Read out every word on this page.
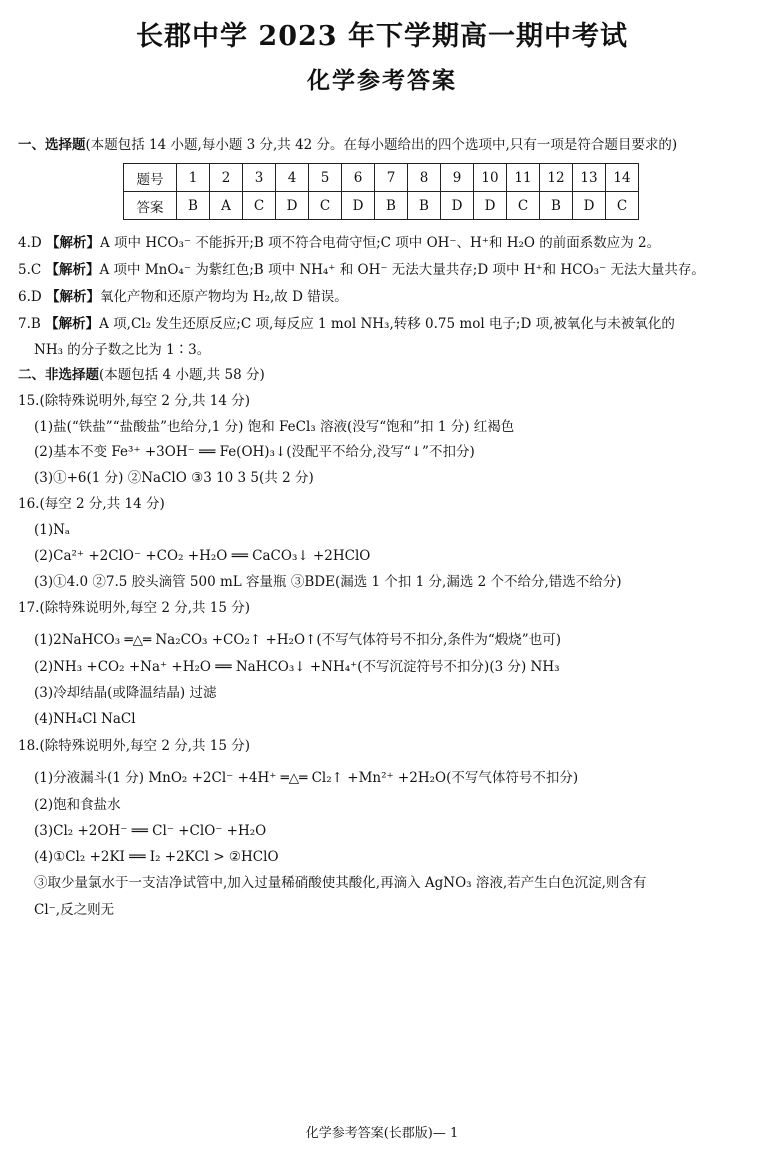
长郡中学 2023 年下学期高一期中考试
化学参考答案
一、选择题(本题包括 14 小题,每小题 3 分,共 42 分。在每小题给出的四个选项中,只有一项是符合题目要求的)
题号	1	2	3	4	5	6	7	8	9	10	11	12	13	14
答案	B	A	C	D	C	D	B	B	D	D	C	B	D	C
4.D 【解析】A 项中 HCO₃⁻ 不能拆开;B 项不符合电荷守恒;C 项中 OH⁻、H⁺和 H₂O 的前面系数应为 2。
5.C 【解析】A 项中 MnO₄⁻ 为紫红色;B 项中 NH₄⁺ 和 OH⁻ 无法大量共存;D 项中 H⁺和 HCO₃⁻ 无法大量共存。
6.D 【解析】氧化产物和还原产物均为 H₂,故 D 错误。
7.B 【解析】A 项,Cl₂ 发生还原反应;C 项,每反应 1 mol NH₃,转移 0.75 mol 电子;D 项,被氧化与未被氧化的
NH₃ 的分子数之比为 1∶3。
二、非选择题(本题包括 4 小题,共 58 分)
15.(除特殊说明外,每空 2 分,共 14 分)
(1)盐(“铁盐”“盐酸盐”也给分,1 分) 饱和 FeCl₃ 溶液(没写“饱和”扣 1 分) 红褐色
(2)基本不变 Fe³⁺ +3OH⁻ ══ Fe(OH)₃↓(没配平不给分,没写“↓”不扣分)
(3)①+6(1 分) ②NaClO ③3 10 3 5(共 2 分)
16.(每空 2 分,共 14 分)
(1)Nₐ
(2)Ca²⁺ +2ClO⁻ +CO₂ +H₂O ══ CaCO₃↓ +2HClO
(3)①4.0 ②7.5 胶头滴管 500 mL 容量瓶 ③BDE(漏选 1 个扣 1 分,漏选 2 个不给分,错选不给分)
17.(除特殊说明外,每空 2 分,共 15 分)
(1)2NaHCO₃ ═△═ Na₂CO₃ +CO₂↑ +H₂O↑(不写气体符号不扣分,条件为“煅烧”也可)
(2)NH₃ +CO₂ +Na⁺ +H₂O ══ NaHCO₃↓ +NH₄⁺(不写沉淀符号不扣分)(3 分) NH₃
(3)冷却结晶(或降温结晶) 过滤
(4)NH₄Cl NaCl
18.(除特殊说明外,每空 2 分,共 15 分)
(1)分液漏斗(1 分) MnO₂ +2Cl⁻ +4H⁺ ═△═ Cl₂↑ +Mn²⁺ +2H₂O(不写气体符号不扣分)
(2)饱和食盐水
(3)Cl₂ +2OH⁻ ══ Cl⁻ +ClO⁻ +H₂O
(4)①Cl₂ +2KI ══ I₂ +2KCl > ②HClO
③取少量氯水于一支洁净试管中,加入过量稀硝酸使其酸化,再滴入 AgNO₃ 溶液,若产生白色沉淀,则含有
Cl⁻,反之则无
化学参考答案(长郡版)— 1
